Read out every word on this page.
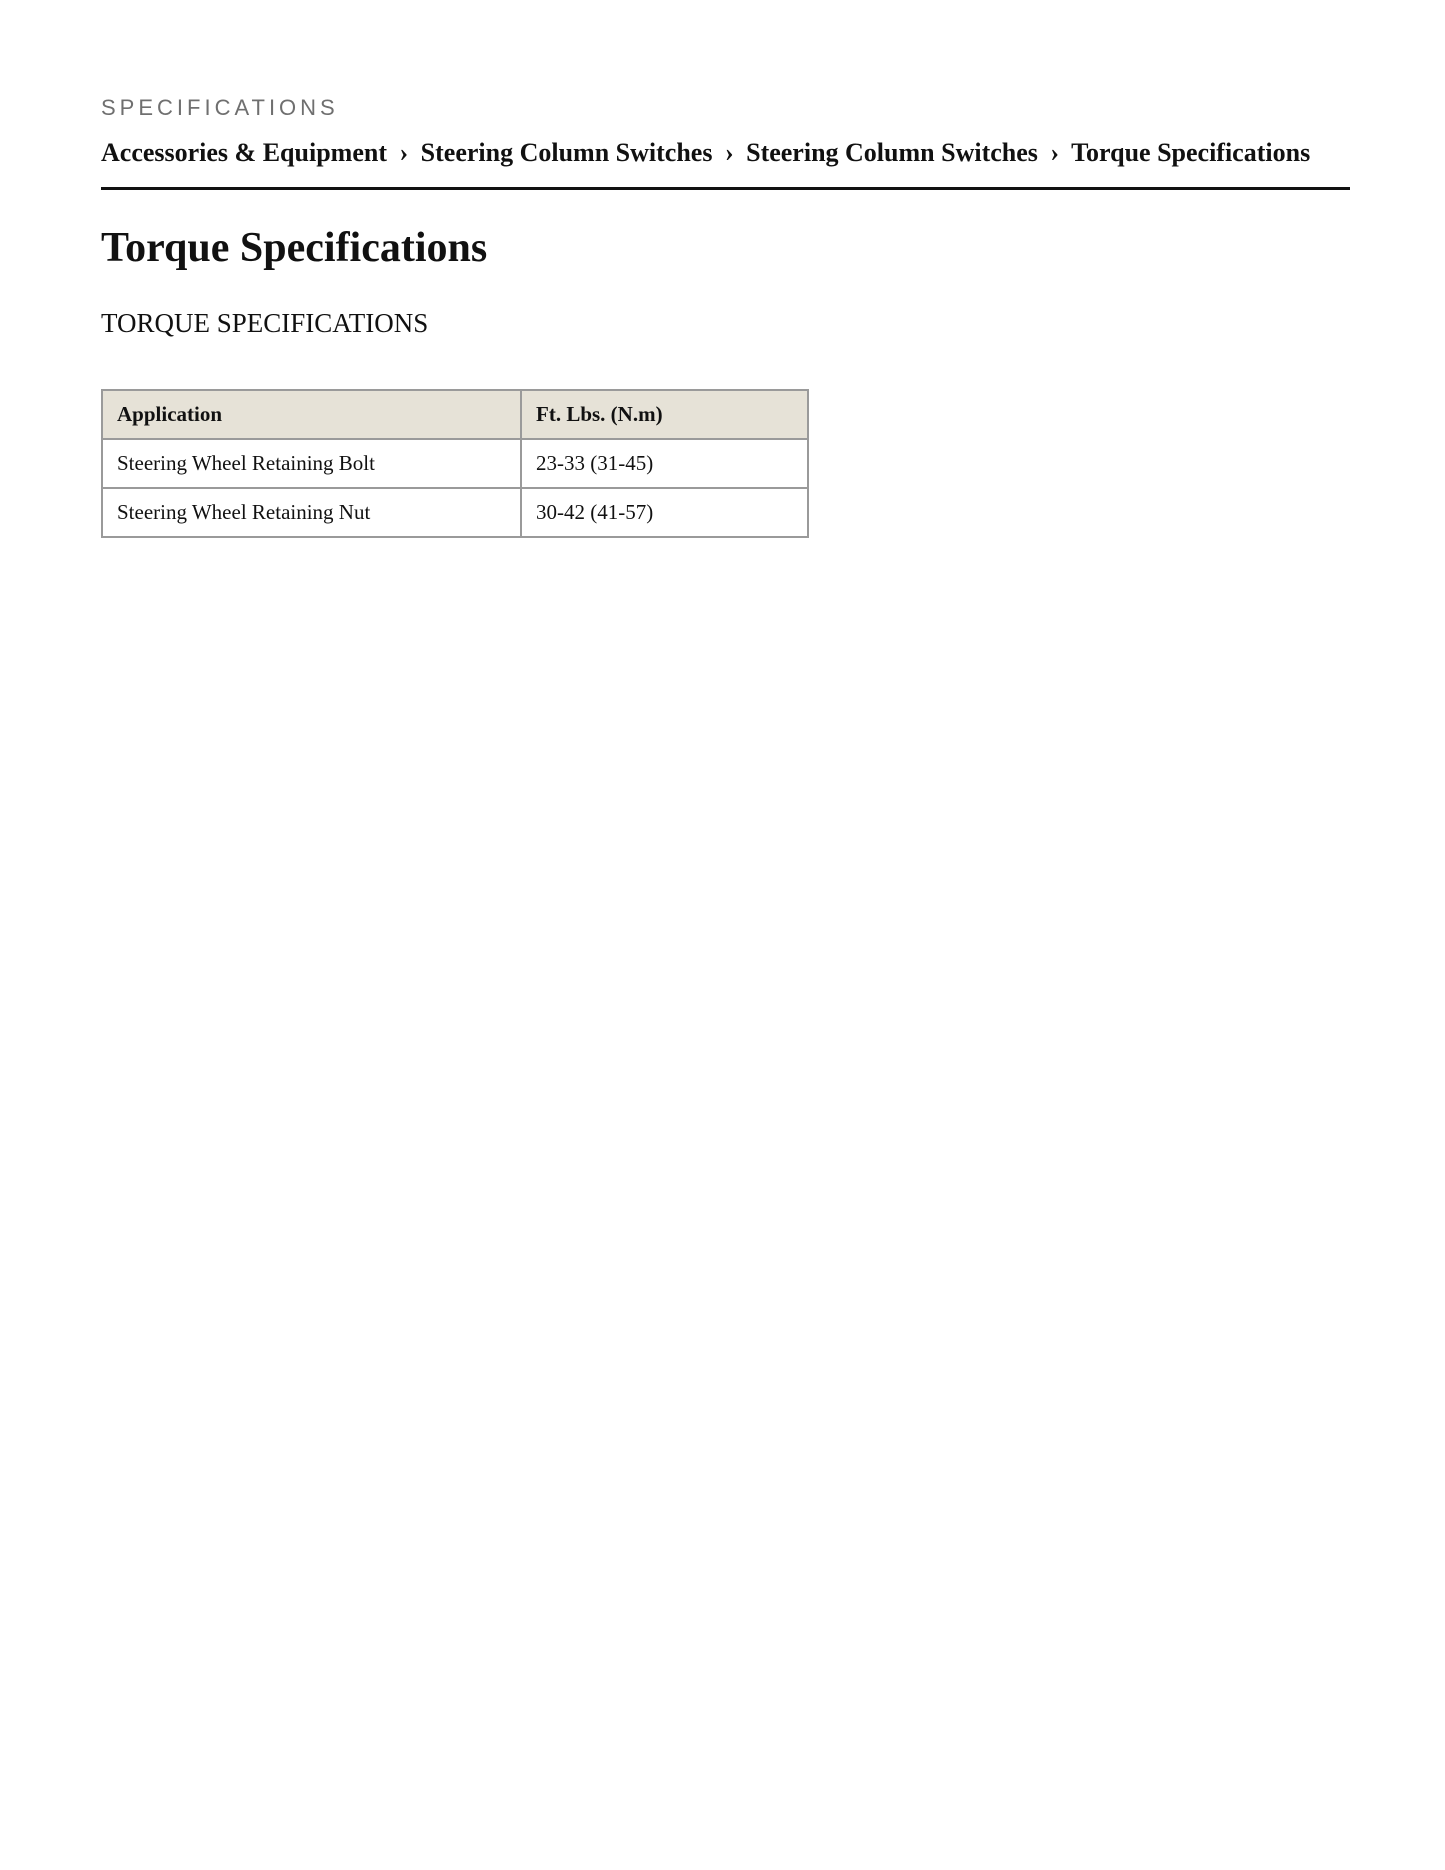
SPECIFICATIONS
Accessories & Equipment › Steering Column Switches › Steering Column Switches › Torque Specifications
Torque Specifications
TORQUE SPECIFICATIONS
Application	Ft. Lbs. (N.m)
Steering Wheel Retaining Bolt	23-33 (31-45)
Steering Wheel Retaining Nut	30-42 (41-57)
